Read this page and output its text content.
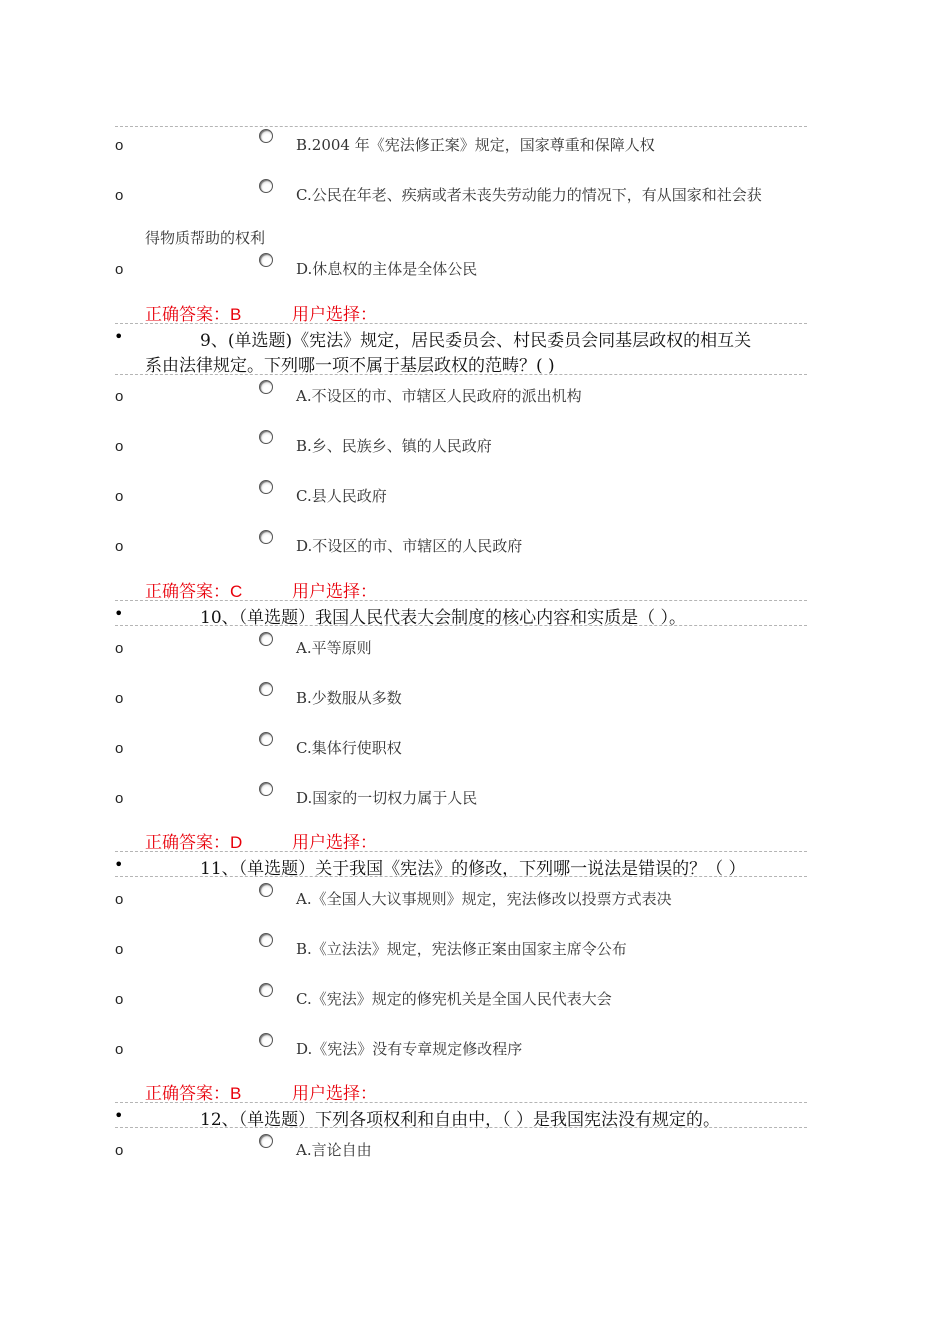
o	B.2004 年《宪法修正案》规定，国家尊重和保障人权
o	C.公民在年老、疾病或者未丧失劳动能力的情况下，有从国家和社会获
得物质帮助的权利
o	D.休息权的主体是全体公民
正确答案：B	用户选择：
•	9、(单选题)《宪法》规定，居民委员会、村民委员会同基层政权的相互关
系由法律规定。下列哪一项不属于基层政权的范畴？( )
o	A.不设区的市、市辖区人民政府的派出机构
o	B.乡、民族乡、镇的人民政府
o	C.县人民政府
o	D.不设区的市、市辖区的人民政府
正确答案：C	用户选择：
•	10、（单选题）我国人民代表大会制度的核心内容和实质是（ ）。
o	A.平等原则
o	B.少数服从多数
o	C.集体行使职权
o	D.国家的一切权力属于人民
正确答案：D	用户选择：
•	11、（单选题）关于我国《宪法》的修改，下列哪一说法是错误的？（ ）
o	A.《全国人大议事规则》规定，宪法修改以投票方式表决
o	B.《立法法》规定，宪法修正案由国家主席令公布
o	C.《宪法》规定的修宪机关是全国人民代表大会
o	D.《宪法》没有专章规定修改程序
正确答案：B	用户选择：
•	12、（单选题）下列各项权利和自由中，（ ）是我国宪法没有规定的。
o	A.言论自由
